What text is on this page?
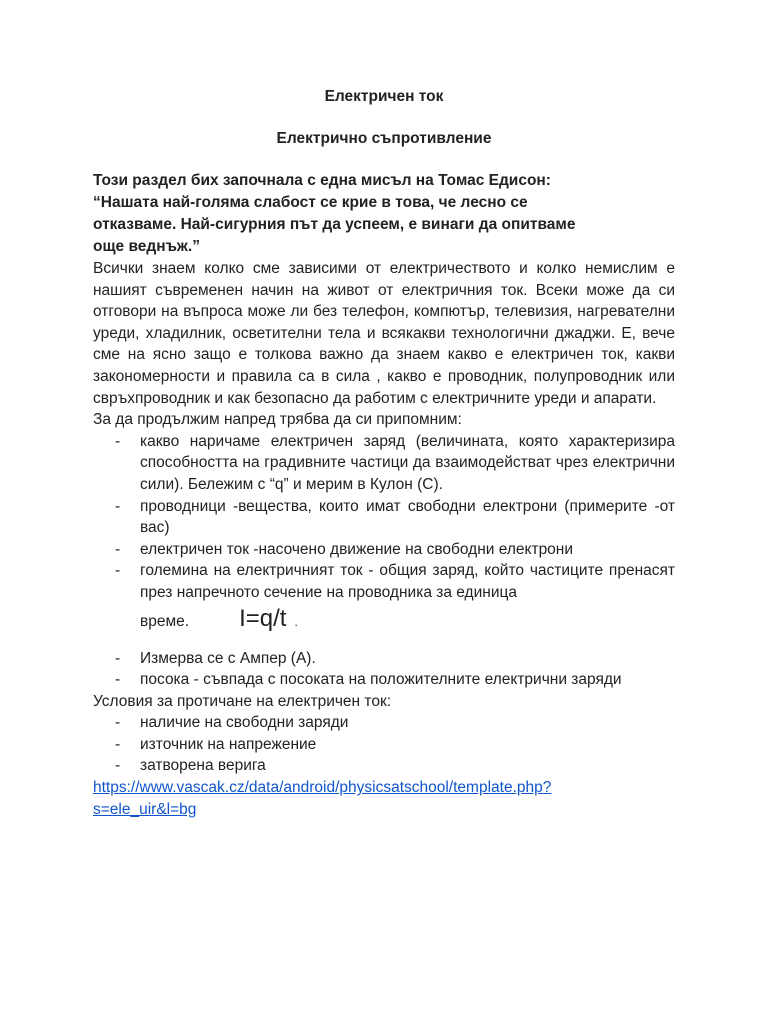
Електричен ток

Електрично съпротивление

Този раздел бих започнала с една мисъл на Томас Едисон:

“Нашата най-голяма слабост се крие в това, че лесно се

отказваме. Най-сигурния път да успеем, е винаги да опитваме

още веднъж.”

Всички знаем колко сме зависими от електричеството и колко немислим е нашият съвременен начин на живот от електричния ток. Всеки може да си отговори на въпроса може ли без телефон, компютър, телевизия, нагревателни уреди, хладилник, осветителни тела и всякакви технологични джаджи. Е, вече сме на ясно защо е толкова важно да знаем какво е електричен ток, какви закономерности и правила са в сила , какво е проводник, полупроводник или свръхпроводник и как безопасно да работим с електричните уреди и апарати.

За да продължим напред трябва да си припомним:

- какво наричаме електричен заряд (величината, която характеризира способността на градивните частици да взаимодействат чрез електрични сили). Бележим с “q” и мерим в Кулон (С).
- проводници -вещества, които имат свободни електрони (примерите -от вас)
- електричен ток -насочено движение на свободни електрони
- големина на електричният ток - общия заряд, който частиците пренасят през напречното сечение на проводника за единица
време. I=q/t .
- Измерва се с Ампер (А).
- посока - съвпада с посоката на положителните електрични заряди

Условия за протичане на електричен ток:

- наличие на свободни заряди
- източник на напрежение
- затворена верига
https://www.vascak.cz/data/android/physicsatschool/template.php?
s=ele_uir&l=bg
